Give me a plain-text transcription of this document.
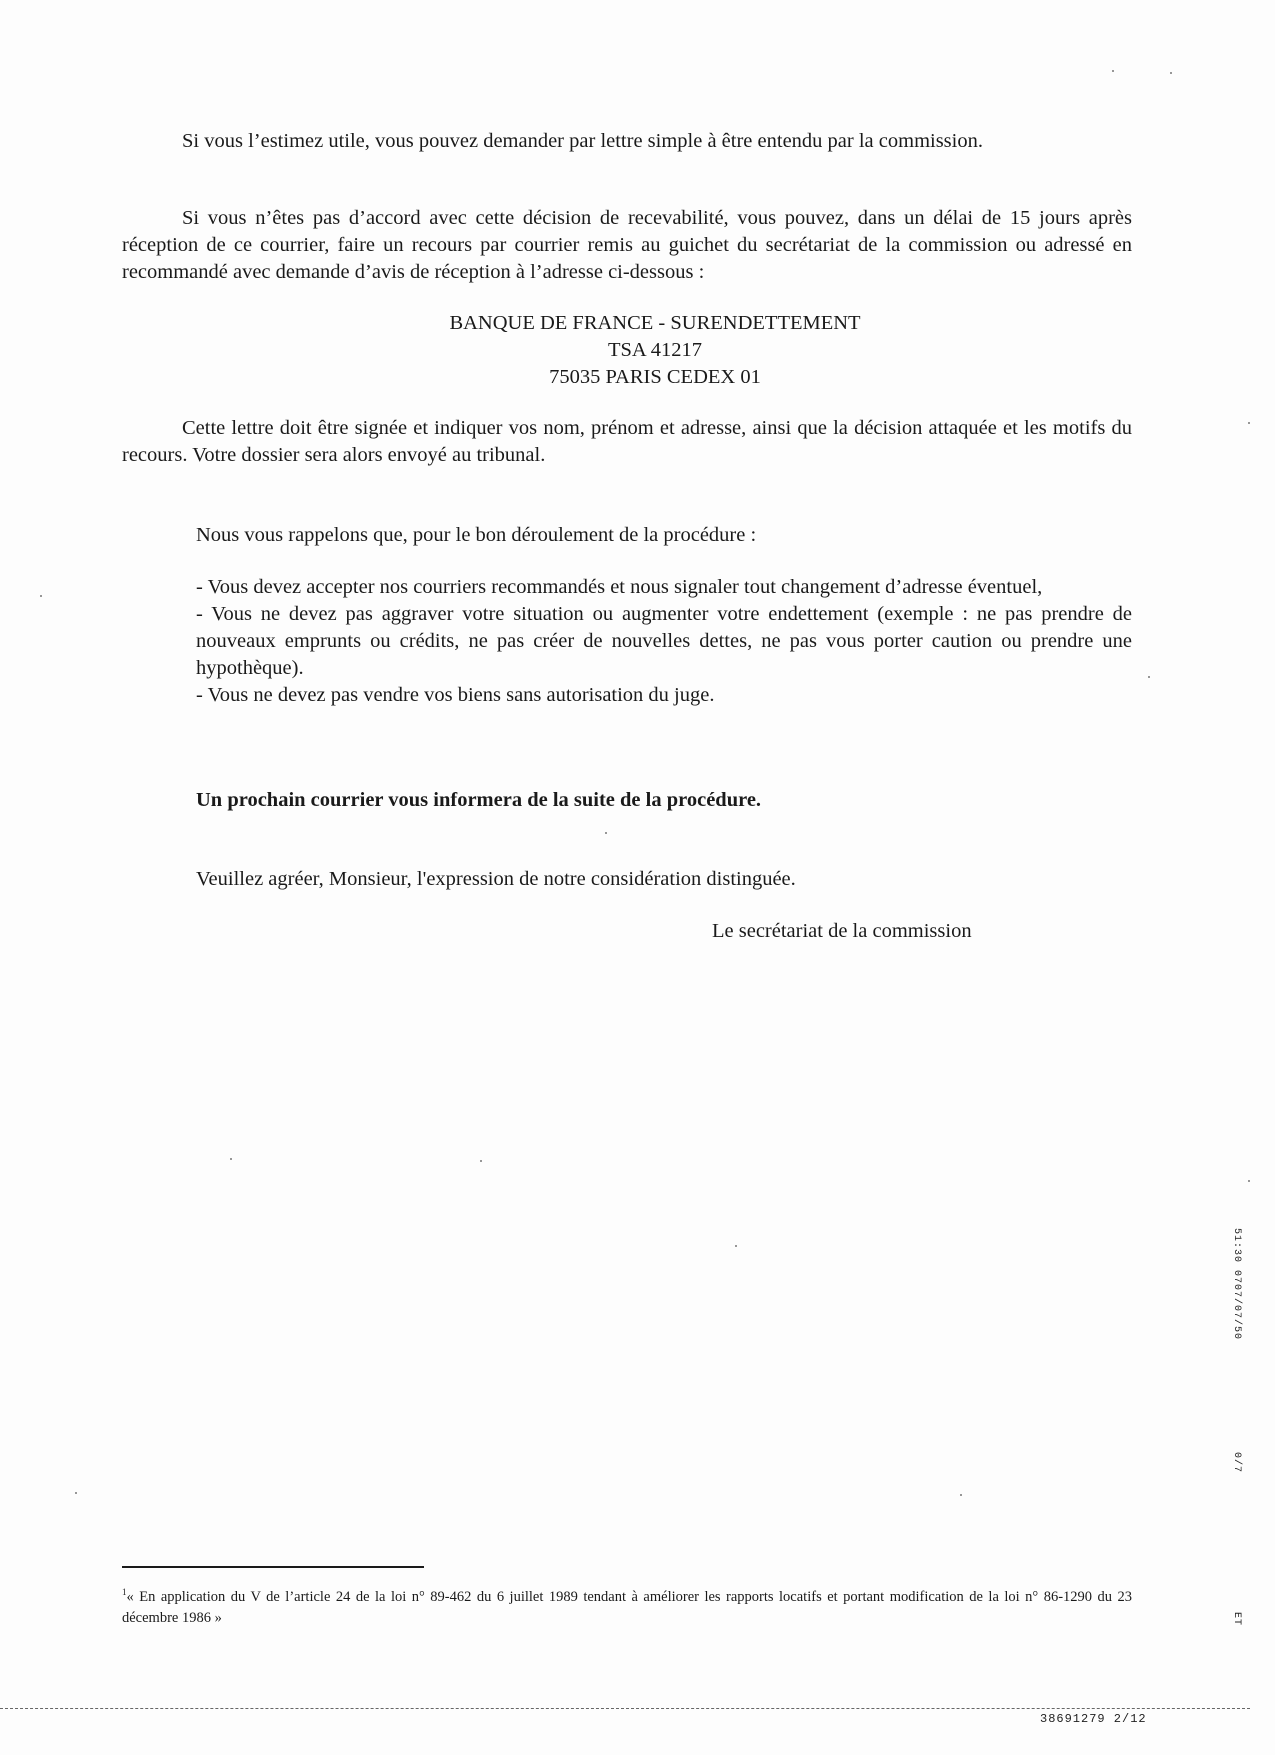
Si vous l’estimez utile, vous pouvez demander par lettre simple à être entendu par la commission.
Si vous n’êtes pas d’accord avec cette décision de recevabilité, vous pouvez, dans un délai de 15 jours après réception de ce courrier, faire un recours par courrier remis au guichet du secrétariat de la commission ou adressé en recommandé avec demande d’avis de réception à l’adresse ci-dessous :
BANQUE DE FRANCE - SURENDETTEMENT
TSA 41217
75035 PARIS CEDEX 01
Cette lettre doit être signée et indiquer vos nom, prénom et adresse, ainsi que la décision attaquée et les motifs du recours. Votre dossier sera alors envoyé au tribunal.
Nous vous rappelons que, pour le bon déroulement de la procédure :
- Vous devez accepter nos courriers recommandés et nous signaler tout changement d’adresse éventuel,
- Vous ne devez pas aggraver votre situation ou augmenter votre endettement (exemple : ne pas prendre de nouveaux emprunts ou crédits, ne pas créer de nouvelles dettes, ne pas vous porter caution ou prendre une hypothèque).
- Vous ne devez pas vendre vos biens sans autorisation du juge.
Un prochain courrier vous informera de la suite de la procédure.
Veuillez agréer, Monsieur, l'expression de notre considération distinguée.
Le secrétariat de la commission
$^1$« En application du V de l’article 24 de la loi n° 89-462 du 6 juillet 1989 tendant à améliorer les rapports locatifs et portant modification de la loi n° 86-1290 du 23 décembre 1986 »
51:30 0707/07/50
0/7
ET
38691279 2/12
